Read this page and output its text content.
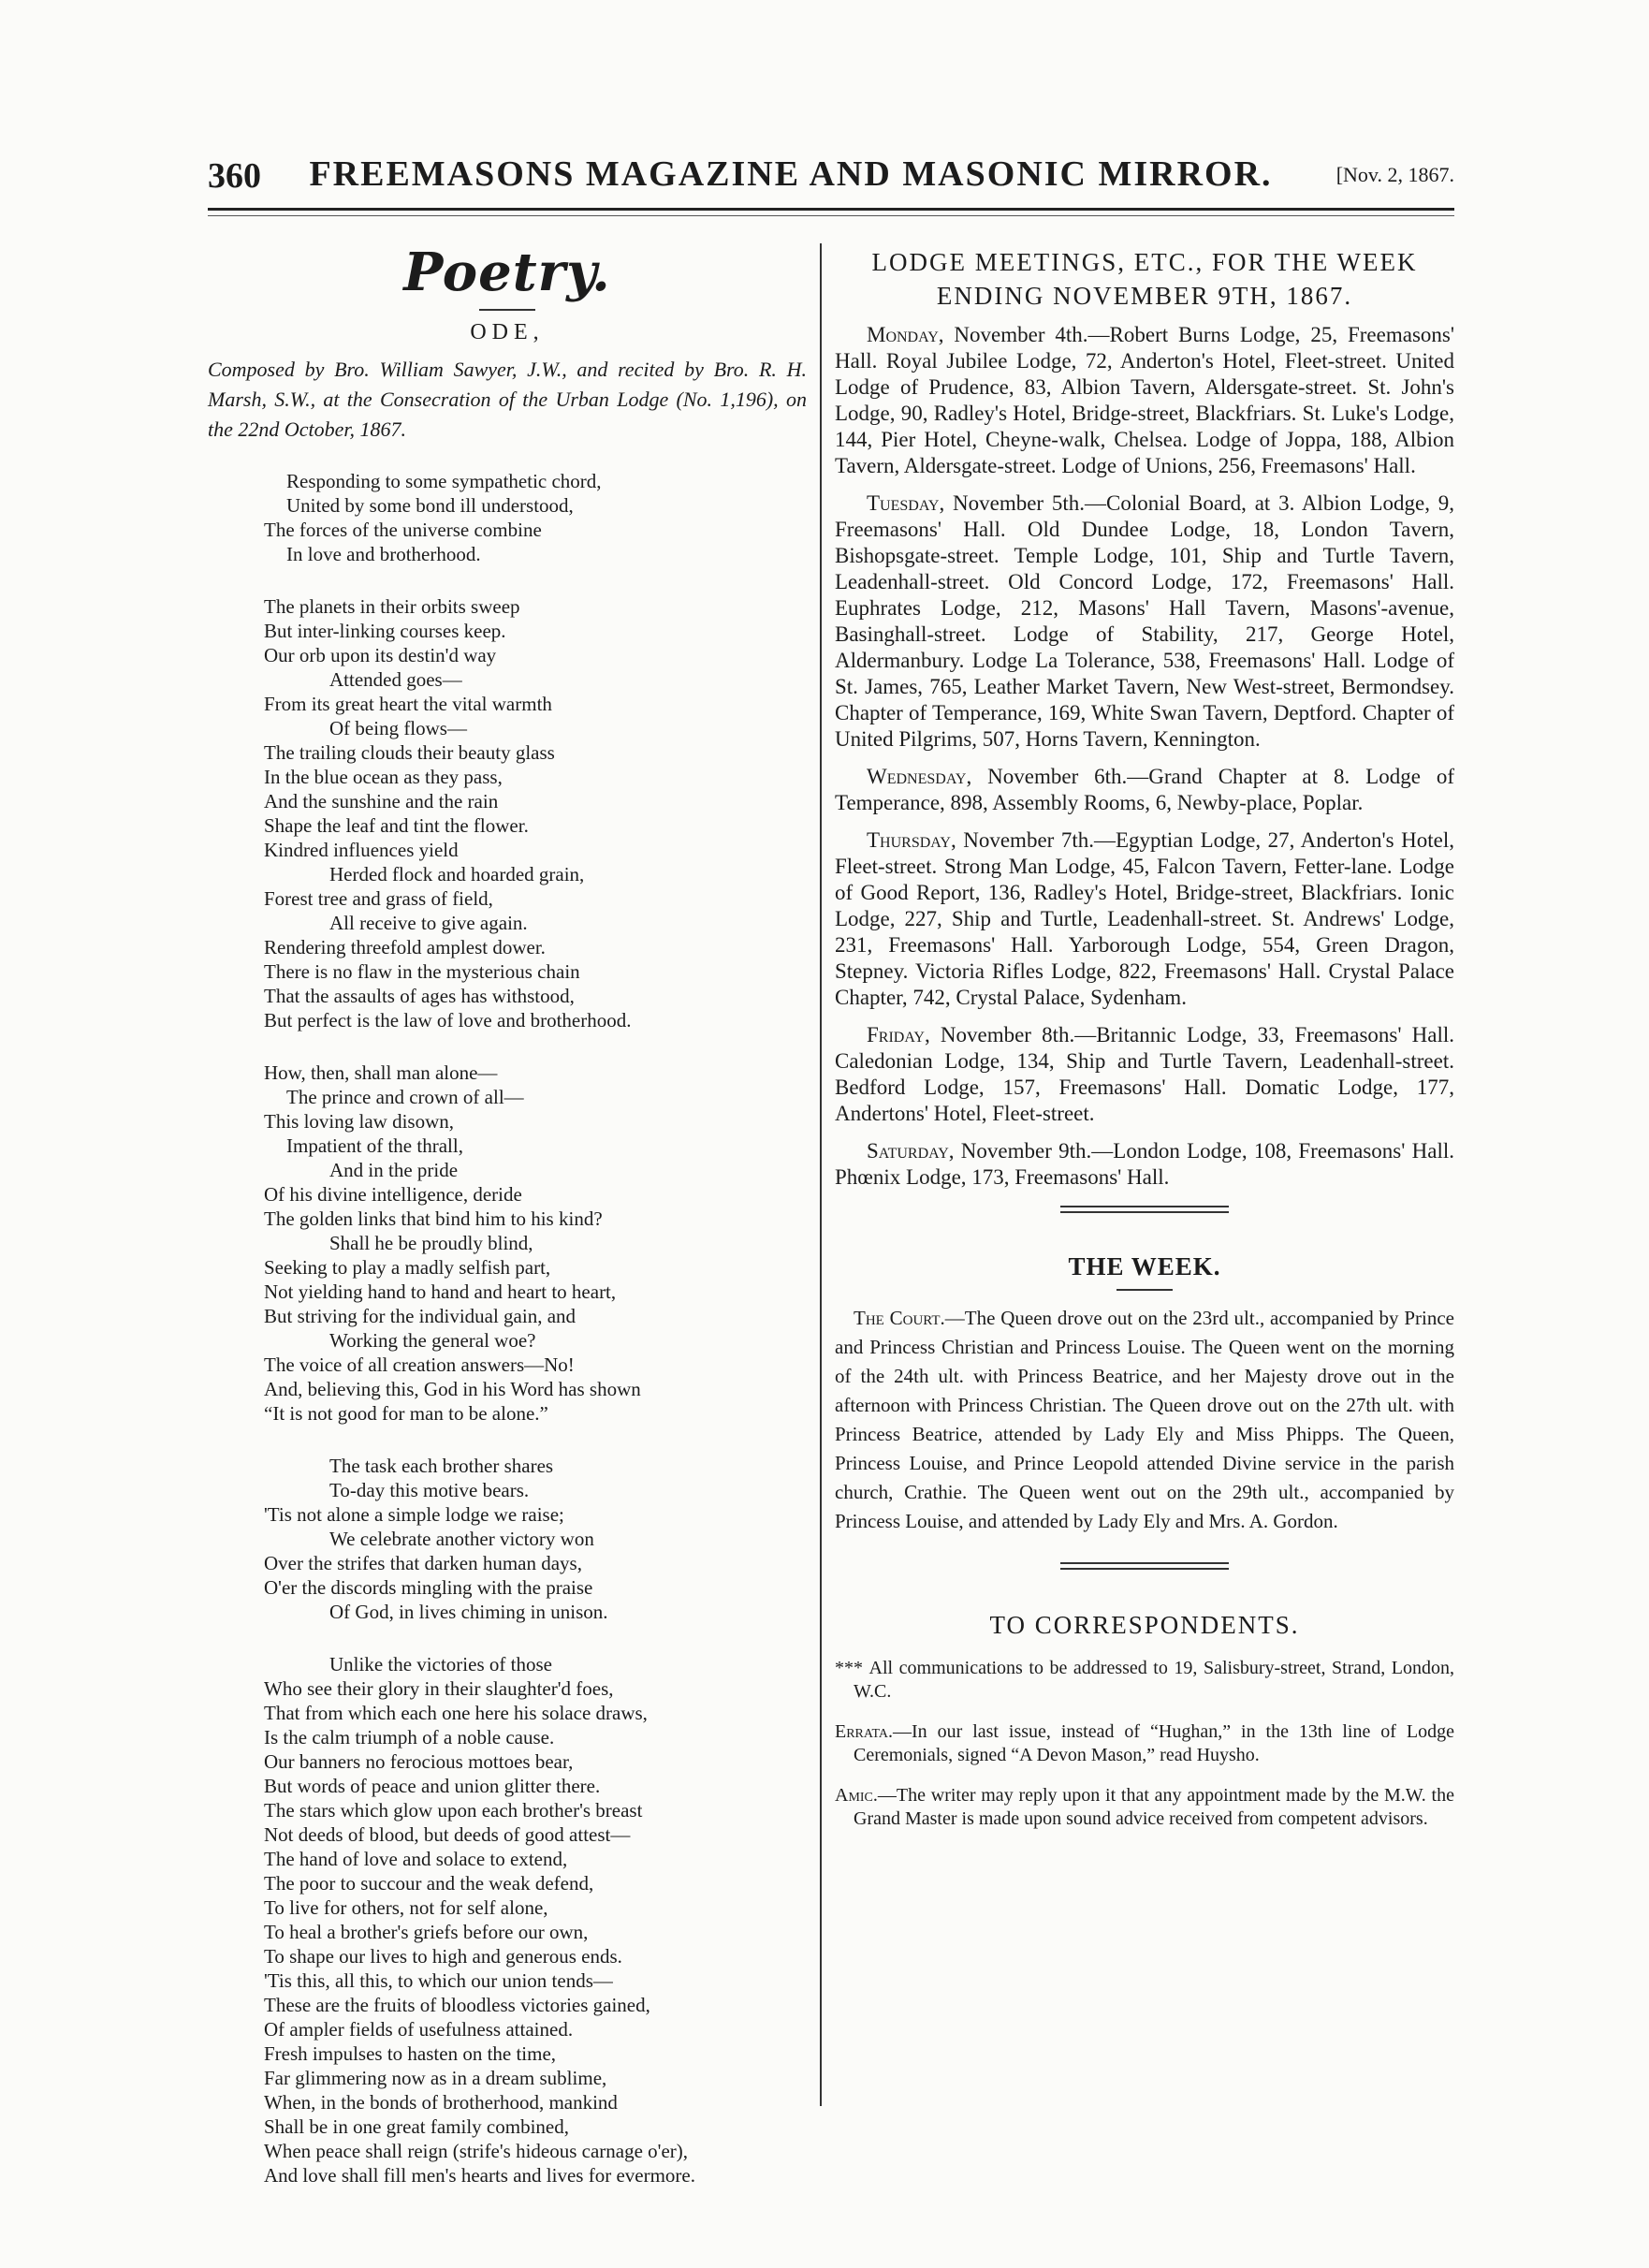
360	FREEMASONS MAGAZINE AND MASONIC MIRROR.	[Nov. 2, 1867.
Poetry.
ODE,
Composed by Bro. William Sawyer, J.W., and recited by Bro. R. H. Marsh, S.W., at the Consecration of the Urban Lodge (No. 1,196), on the 22nd October, 1867.
Responding to some sympathetic chord,
United by some bond ill understood,
The forces of the universe combine
In love and brotherhood.
The planets in their orbits sweep
But inter-linking courses keep.
Our orb upon its destin'd way
Attended goes—
From its great heart the vital warmth
Of being flows—
The trailing clouds their beauty glass
In the blue ocean as they pass,
And the sunshine and the rain
Shape the leaf and tint the flower.
Kindred influences yield
Herded flock and hoarded grain,
Forest tree and grass of field,
All receive to give again.
Rendering threefold amplest dower.
There is no flaw in the mysterious chain
That the assaults of ages has withstood,
But perfect is the law of love and brotherhood.
How, then, shall man alone—
The prince and crown of all—
This loving law disown,
Impatient of the thrall,
And in the pride
Of his divine intelligence, deride
The golden links that bind him to his kind?
Shall he be proudly blind,
Seeking to play a madly selfish part,
Not yielding hand to hand and heart to heart,
But striving for the individual gain, and
Working the general woe?
The voice of all creation answers—No!
And, believing this, God in his Word has shown
“It is not good for man to be alone.”
The task each brother shares
To-day this motive bears.
'Tis not alone a simple lodge we raise;
We celebrate another victory won
Over the strifes that darken human days,
O'er the discords mingling with the praise
Of God, in lives chiming in unison.
Unlike the victories of those
Who see their glory in their slaughter'd foes,
That from which each one here his solace draws,
Is the calm triumph of a noble cause.
Our banners no ferocious mottoes bear,
But words of peace and union glitter there.
The stars which glow upon each brother's breast
Not deeds of blood, but deeds of good attest—
The hand of love and solace to extend,
The poor to succour and the weak defend,
To live for others, not for self alone,
To heal a brother's griefs before our own,
To shape our lives to high and generous ends.
'Tis this, all this, to which our union tends—
These are the fruits of bloodless victories gained,
Of ampler fields of usefulness attained.
Fresh impulses to hasten on the time,
Far glimmering now as in a dream sublime,
When, in the bonds of brotherhood, mankind
Shall be in one great family combined,
When peace shall reign (strife's hideous carnage o'er),
And love shall fill men's hearts and lives for evermore.
LODGE MEETINGS, ETC., FOR THE WEEK
ENDING NOVEMBER 9TH, 1867.

Monday, November 4th.—Robert Burns Lodge, 25, Freemasons' Hall. Royal Jubilee Lodge, 72, Anderton's Hotel, Fleet-street. United Lodge of Prudence, 83, Albion Tavern, Aldersgate-street. St. John's Lodge, 90, Radley's Hotel, Bridge-street, Blackfriars. St. Luke's Lodge, 144, Pier Hotel, Cheyne-walk, Chelsea. Lodge of Joppa, 188, Albion Tavern, Aldersgate-street. Lodge of Unions, 256, Freemasons' Hall.

Tuesday, November 5th.—Colonial Board, at 3. Albion Lodge, 9, Freemasons' Hall. Old Dundee Lodge, 18, London Tavern, Bishopsgate-street. Temple Lodge, 101, Ship and Turtle Tavern, Leadenhall-street. Old Concord Lodge, 172, Freemasons' Hall. Euphrates Lodge, 212, Masons' Hall Tavern, Masons'-avenue, Basinghall-street. Lodge of Stability, 217, George Hotel, Aldermanbury. Lodge La Tolerance, 538, Freemasons' Hall. Lodge of St. James, 765, Leather Market Tavern, New West-street, Bermondsey. Chapter of Temperance, 169, White Swan Tavern, Deptford. Chapter of United Pilgrims, 507, Horns Tavern, Kennington.

Wednesday, November 6th.—Grand Chapter at 8. Lodge of Temperance, 898, Assembly Rooms, 6, Newby-place, Poplar.

Thursday, November 7th.—Egyptian Lodge, 27, Anderton's Hotel, Fleet-street. Strong Man Lodge, 45, Falcon Tavern, Fetter-lane. Lodge of Good Report, 136, Radley's Hotel, Bridge-street, Blackfriars. Ionic Lodge, 227, Ship and Turtle, Leadenhall-street. St. Andrews' Lodge, 231, Freemasons' Hall. Yarborough Lodge, 554, Green Dragon, Stepney. Victoria Rifles Lodge, 822, Freemasons' Hall. Crystal Palace Chapter, 742, Crystal Palace, Sydenham.

Friday, November 8th.—Britannic Lodge, 33, Freemasons' Hall. Caledonian Lodge, 134, Ship and Turtle Tavern, Leadenhall-street. Bedford Lodge, 157, Freemasons' Hall. Domatic Lodge, 177, Andertons' Hotel, Fleet-street.

Saturday, November 9th.—London Lodge, 108, Freemasons' Hall. Phœnix Lodge, 173, Freemasons' Hall.

THE WEEK.

The Court.—The Queen drove out on the 23rd ult., accompanied by Prince and Princess Christian and Princess Louise. The Queen went on the morning of the 24th ult. with Princess Beatrice, and her Majesty drove out in the afternoon with Princess Christian. The Queen drove out on the 27th ult. with Princess Beatrice, attended by Lady Ely and Miss Phipps. The Queen, Princess Louise, and Prince Leopold attended Divine service in the parish church, Crathie. The Queen went out on the 29th ult., accompanied by Princess Louise, and attended by Lady Ely and Mrs. A. Gordon.

TO CORRESPONDENTS.

*** All communications to be addressed to 19, Salisbury-street, Strand, London, W.C.

Errata.—In our last issue, instead of “Hughan,” in the 13th line of Lodge Ceremonials, signed “A Devon Mason,” read Huysho.

Amic.—The writer may reply upon it that any appointment made by the M.W. the Grand Master is made upon sound advice received from competent advisors.
